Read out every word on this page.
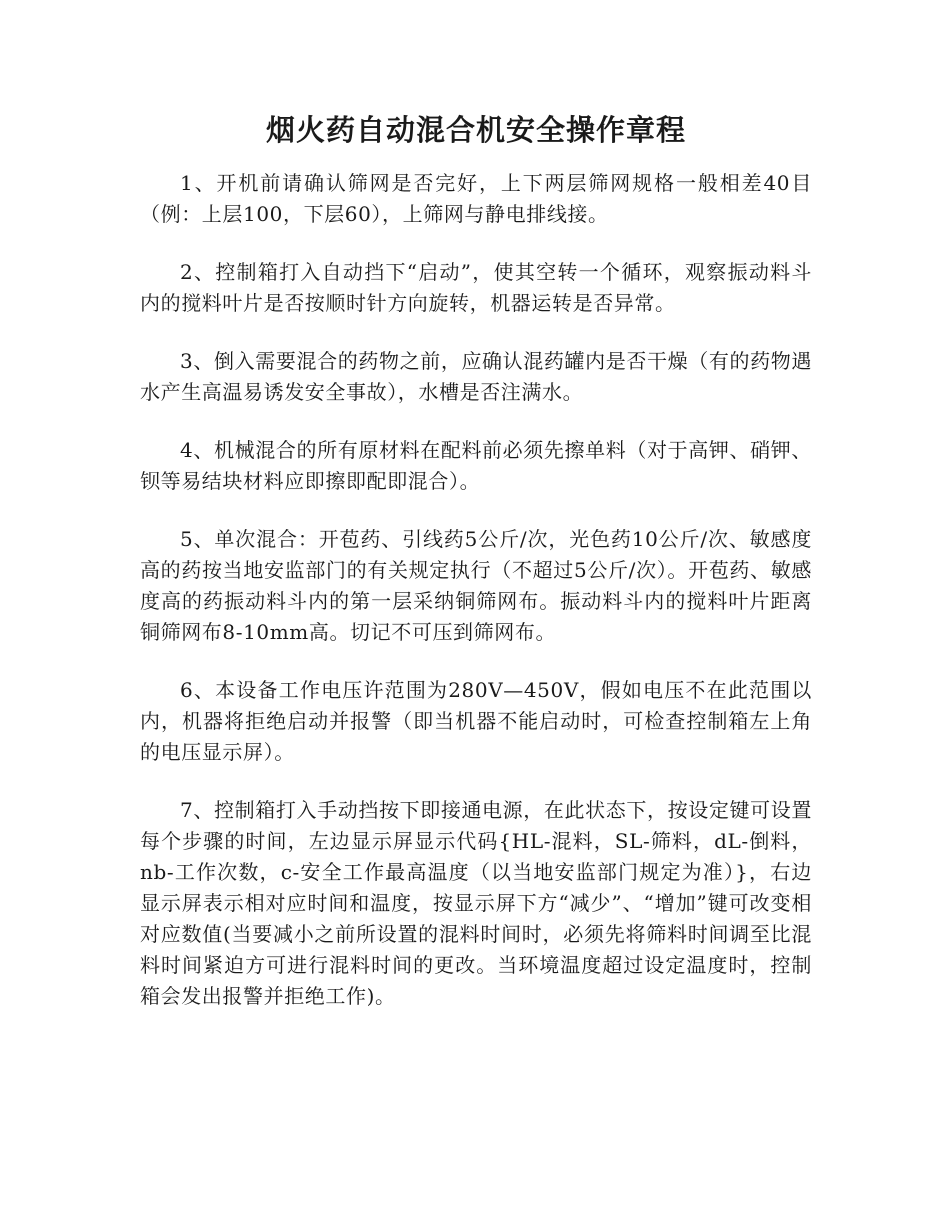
烟火药自动混合机安全操作章程

1、开机前请确认筛网是否完好，上下两层筛网规格一般相差40目（例：上层100，下层60），上筛网与静电排线接。

2、控制箱打入自动挡下“启动”，使其空转一个循环，观察振动料斗内的搅料叶片是否按顺时针方向旋转，机器运转是否异常。

3、倒入需要混合的药物之前，应确认混药罐内是否干燥（有的药物遇水产生高温易诱发安全事故），水槽是否注满水。

4、机械混合的所有原材料在配料前必须先擦单料（对于高钾、硝钾、钡等易结块材料应即擦即配即混合）。

5、单次混合：开苞药、引线药5公斤/次，光色药10公斤/次、敏感度高的药按当地安监部门的有关规定执行（不超过5公斤/次）。开苞药、敏感度高的药振动料斗内的第一层采纳铜筛网布。振动料斗内的搅料叶片距离铜筛网布8-10mm高。切记不可压到筛网布。

6、本设备工作电压许范围为280V—450V，假如电压不在此范围以内，机器将拒绝启动并报警（即当机器不能启动时，可检查控制箱左上角的电压显示屏）。

7、控制箱打入手动挡按下即接通电源，在此状态下，按设定键可设置每个步骤的时间，左边显示屏显示代码{HL-混料，SL-筛料，dL-倒料，nb-工作次数，c-安全工作最高温度（以当地安监部门规定为准）}，右边显示屏表示相对应时间和温度，按显示屏下方“减少”、“增加”键可改变相对应数值(当要减小之前所设置的混料时间时，必须先将筛料时间调至比混料时间紧迫方可进行混料时间的更改。当环境温度超过设定温度时，控制箱会发出报警并拒绝工作)。
